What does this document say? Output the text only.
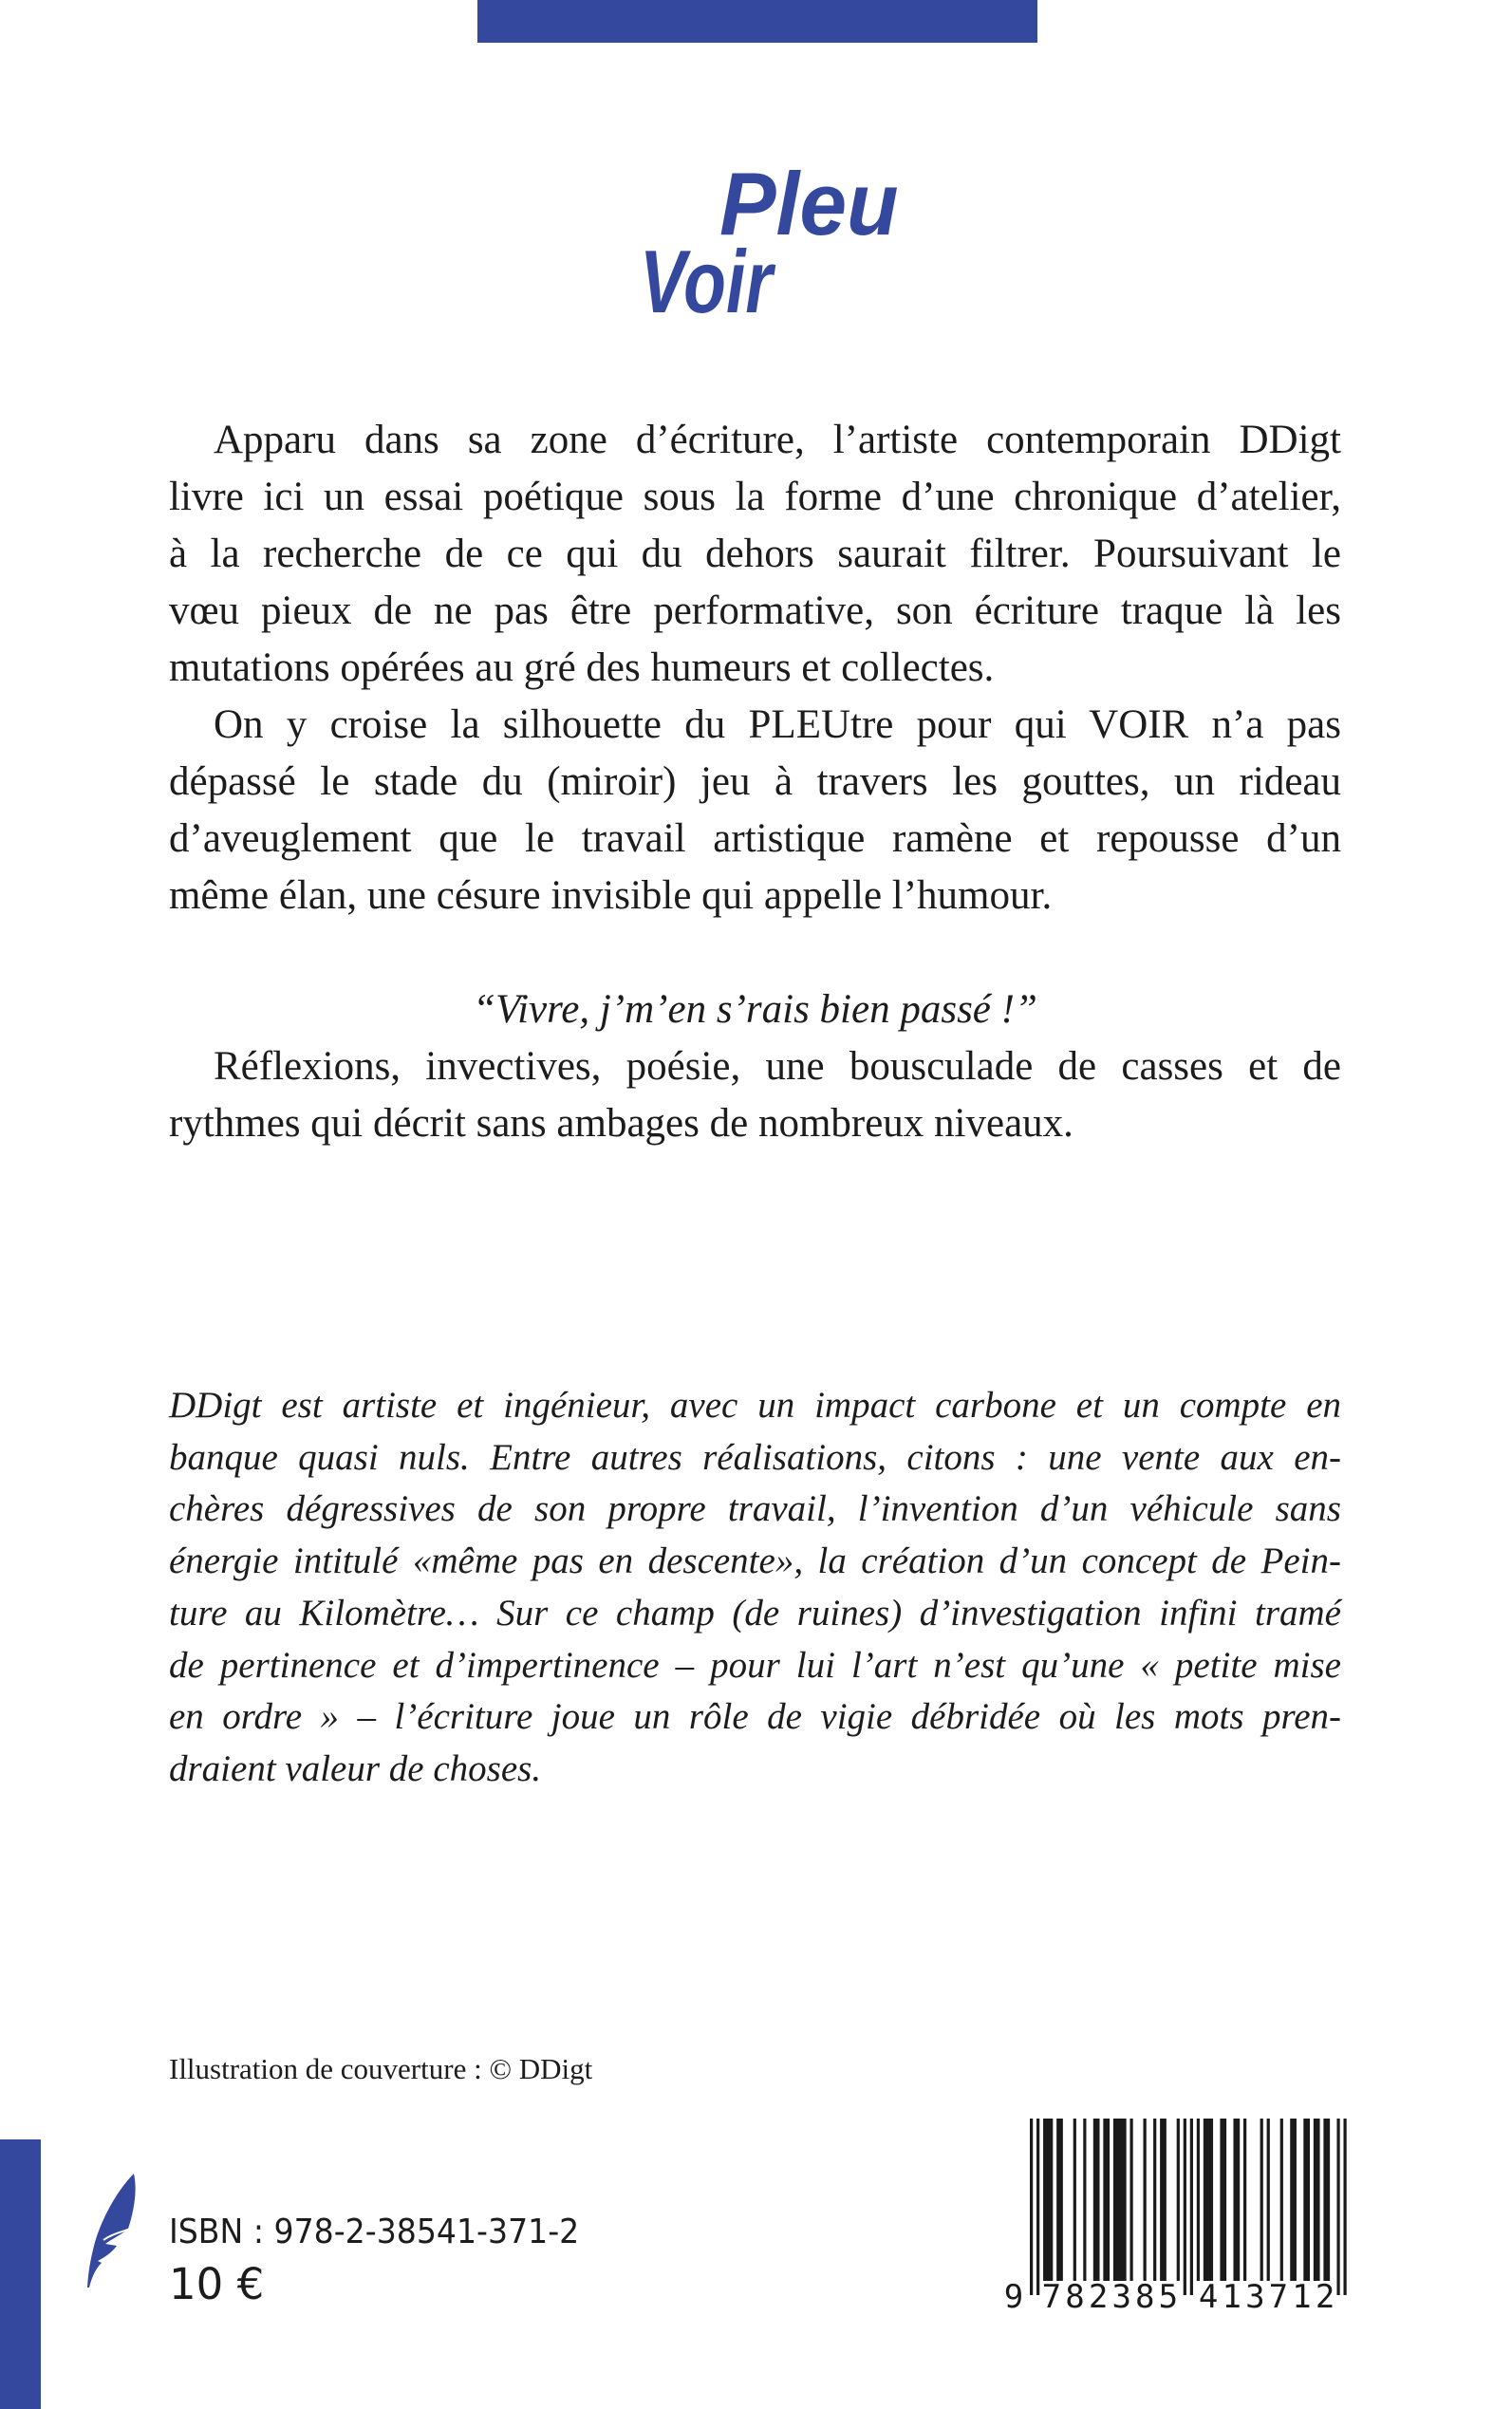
Pleu
Voir
Apparu dans sa zone d’écriture, l’artiste contemporain DDigt
livre ici un essai poétique sous la forme d’une chronique d’atelier,
à la recherche de ce qui du dehors saurait filtrer. Poursuivant le
vœu pieux de ne pas être performative, son écriture traque là les
mutations opérées au gré des humeurs et collectes.
On y croise la silhouette du PLEUtre pour qui VOIR n’a pas
dépassé le stade du (miroir) jeu à travers les gouttes, un rideau
d’aveuglement que le travail artistique ramène et repousse d’un
même élan, une césure invisible qui appelle l’humour.
“Vivre, j’m’en s’rais bien passé !”
Réflexions, invectives, poésie, une bousculade de casses et de
rythmes qui décrit sans ambages de nombreux niveaux.
DDigt est artiste et ingénieur, avec un impact carbone et un compte en
banque quasi nuls. Entre autres réalisations, citons : une vente aux en-
chères dégressives de son propre travail, l’invention d’un véhicule sans
énergie intitulé «même pas en descente», la création d’un concept de Pein-
ture au Kilomètre… Sur ce champ (de ruines) d’investigation infini tramé
de pertinence et d’impertinence – pour lui l’art n’est qu’une « petite mise
en ordre » – l’écriture joue un rôle de vigie débridée où les mots pren-
draient valeur de choses.
Illustration de couverture : © DDigt
ISBN : 978-2-38541-371-2
10 €	9 7 8 2 3 8 5 4 1 3 7 1 2
